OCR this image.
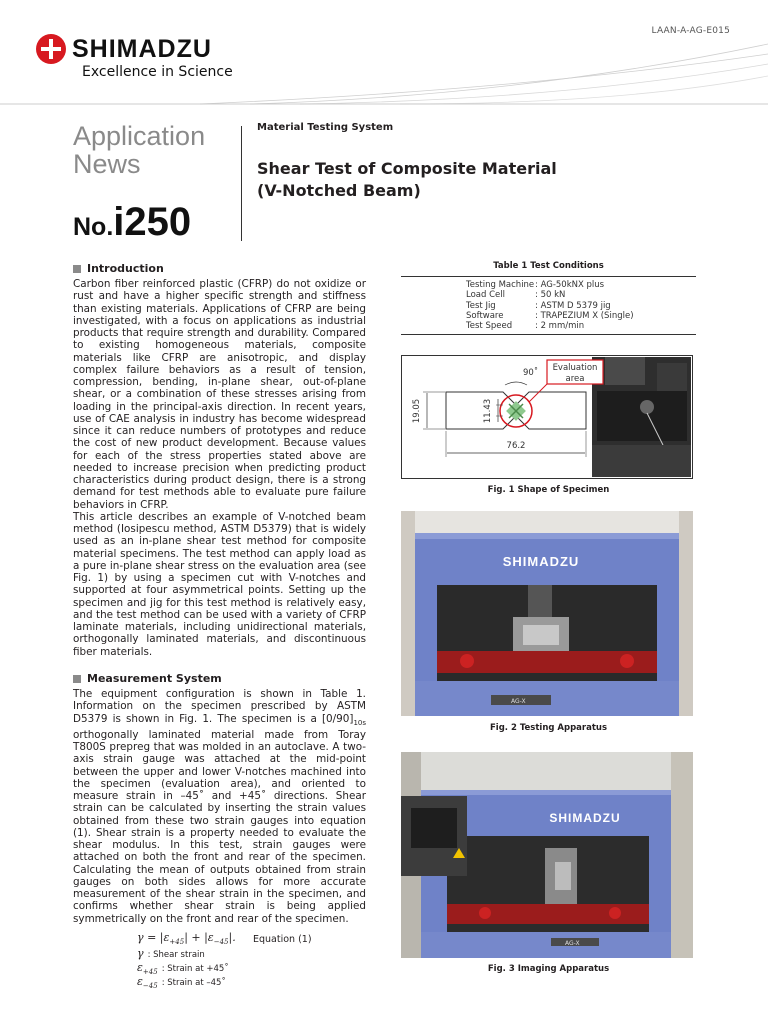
LAAN-A-AG-E015
SHIMADZU
Excellence in Science
Application
News
No.i250
Material Testing System
Shear Test of Composite Material
(V-Notched Beam)
Introduction
Carbon fiber reinforced plastic (CFRP) do not oxidize or rust and have a higher specific strength and stiffness than existing materials. Applications of CFRP are being investigated, with a focus on applications as industrial products that require strength and durability. Compared to existing homogeneous materials, composite materials like CFRP are anisotropic, and display complex failure behaviors as a result of tension, compression, bending, in-plane shear, out-of-plane shear, or a combination of these stresses arising from loading in the principal-axis direction. In recent years, use of CAE analysis in industry has become widespread since it can reduce numbers of prototypes and reduce the cost of new product development. Because values for each of the stress properties stated above are needed to increase precision when predicting product characteristics during product design, there is a strong demand for test methods able to evaluate pure failure behaviors in CFRP.
This article describes an example of V-notched beam method (Iosipescu method, ASTM D5379) that is widely used as an in-plane shear test method for composite material specimens. The test method can apply load as a pure in-plane shear stress on the evaluation area (see Fig. 1) by using a specimen cut with V-notches and supported at four asymmetrical points. Setting up the specimen and jig for this test method is relatively easy, and the test method can be used with a variety of CFRP laminate materials, including unidirectional materials, orthogonally laminated materials, and discontinuous fiber materials.
Measurement System
The equipment configuration is shown in Table 1. Information on the specimen prescribed by ASTM D5379 is shown in Fig. 1. The specimen is a $[0/90]_{10s}$ orthogonally laminated material made from Toray T800S prepreg that was molded in an autoclave. A two-axis strain gauge was attached at the mid-point between the upper and lower V-notches machined into the specimen (evaluation area), and oriented to measure strain in –45˚ and +45˚ directions. Shear strain can be calculated by inserting the strain values obtained from these two strain gauges into equation (1). Shear strain is a property needed to evaluate the shear modulus. In this test, strain gauges were attached on both the front and rear of the specimen. Calculating the mean of outputs obtained from strain gauges on both sides allows for more accurate measurement of the shear strain in the specimen, and confirms whether shear strain is being applied symmetrically on the front and rear of the specimen.
$\gamma = |\varepsilon_{+45}| + |\varepsilon_{-45}|$. Equation (1)
γ : Shear strain
$\varepsilon_{+45}$ : Strain at +45˚
$\varepsilon_{-45}$ : Strain at –45˚
Table 1 Test Conditions
Testing Machine : AG-50kNX plus
Load Cell	: 50 kN
Test Jig	: ASTM D 5379 jig
Software	: TRAPEZIUM X (Single)
Test Speed	: 2 mm/min
Evaluation
area
90˚
19.05	11.43
76.2
Fig. 1 Shape of Specimen
SHIMADZU
AG-X
Fig. 2 Testing Apparatus
SHIMADZU
AG-X
Fig. 3 Imaging Apparatus
